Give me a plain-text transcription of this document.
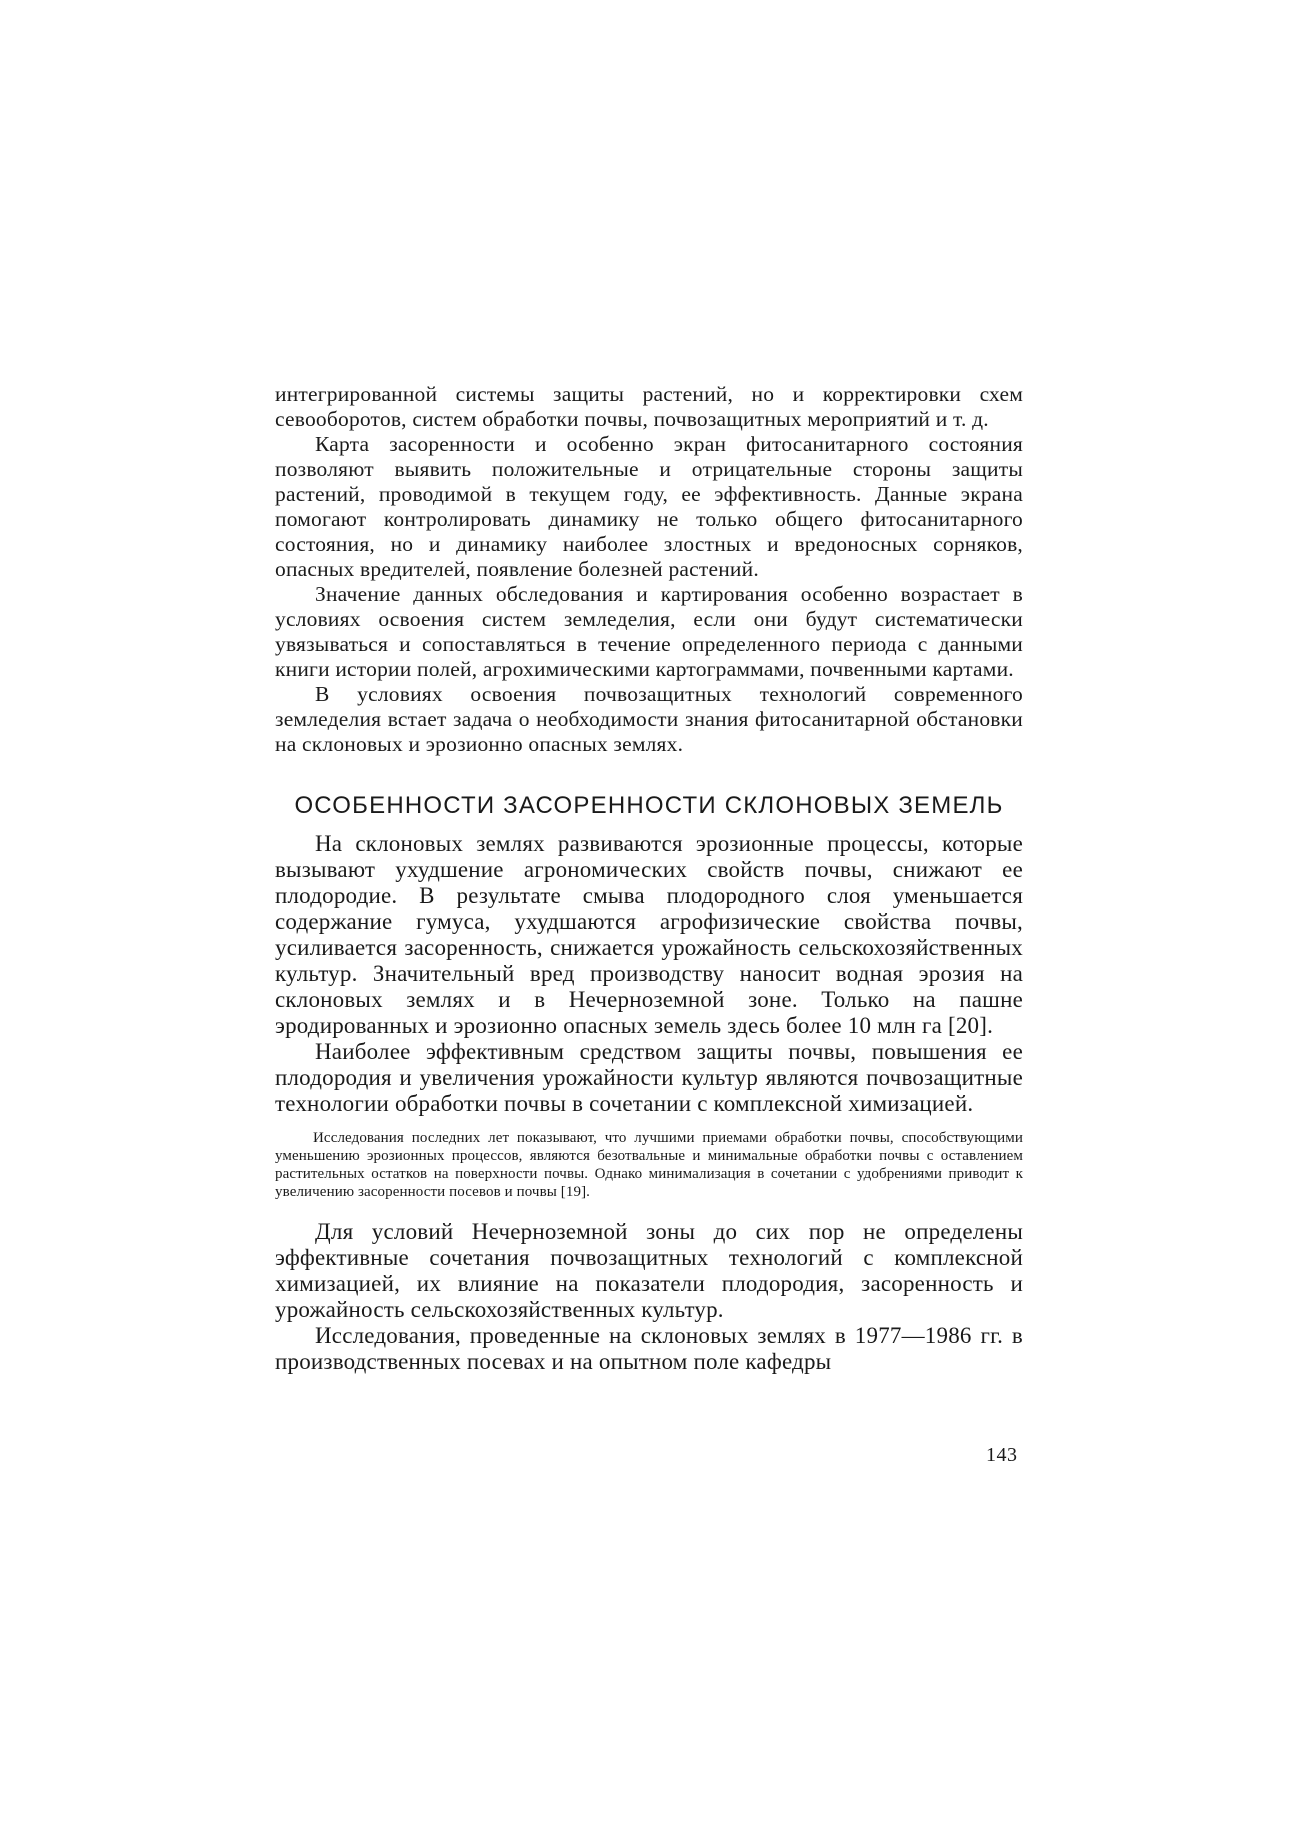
интегрированной системы защиты растений, но и корректировки схем севооборотов, систем обработки почвы, почвозащитных мероприятий и т. д.

Карта засоренности и особенно экран фитосанитарного состояния позволяют выявить положительные и отрицательные стороны защиты растений, проводимой в текущем году, ее эффективность. Данные экрана помогают контролировать динамику не только общего фитосанитарного состояния, но и динамику наиболее злостных и вредоносных сорняков, опасных вредителей, появление болезней растений.

Значение данных обследования и картирования особенно возрастает в условиях освоения систем земледелия, если они будут систематически увязываться и сопоставляться в течение определенного периода с данными книги истории полей, агрохимическими картограммами, почвенными картами.

В условиях освоения почвозащитных технологий современного земледелия встает задача о необходимости знания фитосанитарной обстановки на склоновых и эрозионно опасных землях.

ОСОБЕННОСТИ ЗАСОРЕННОСТИ СКЛОНОВЫХ ЗЕМЕЛЬ

На склоновых землях развиваются эрозионные процессы, которые вызывают ухудшение агрономических свойств почвы, снижают ее плодородие. В результате смыва плодородного слоя уменьшается содержание гумуса, ухудшаются агрофизические свойства почвы, усиливается засоренность, снижается урожайность сельскохозяйственных культур. Значительный вред производству наносит водная эрозия на склоновых землях и в Нечерноземной зоне. Только на пашне эродированных и эрозионно опасных земель здесь более 10 млн га [20].

Наиболее эффективным средством защиты почвы, повышения ее плодородия и увеличения урожайности культур являются почвозащитные технологии обработки почвы в сочетании с комплексной химизацией.

Исследования последних лет показывают, что лучшими приемами обработки почвы, способствующими уменьшению эрозионных процессов, являются безотвальные и минимальные обработки почвы с оставлением растительных остатков на поверхности почвы. Однако минимализация в сочетании с удобрениями приводит к увеличению засоренности посевов и почвы [19].

Для условий Нечерноземной зоны до сих пор не определены эффективные сочетания почвозащитных технологий с комплексной химизацией, их влияние на показатели плодородия, засоренность и урожайность сельскохозяйственных культур.

Исследования, проведенные на склоновых землях в 1977—1986 гг. в производственных посевах и на опытном поле кафедры

143
